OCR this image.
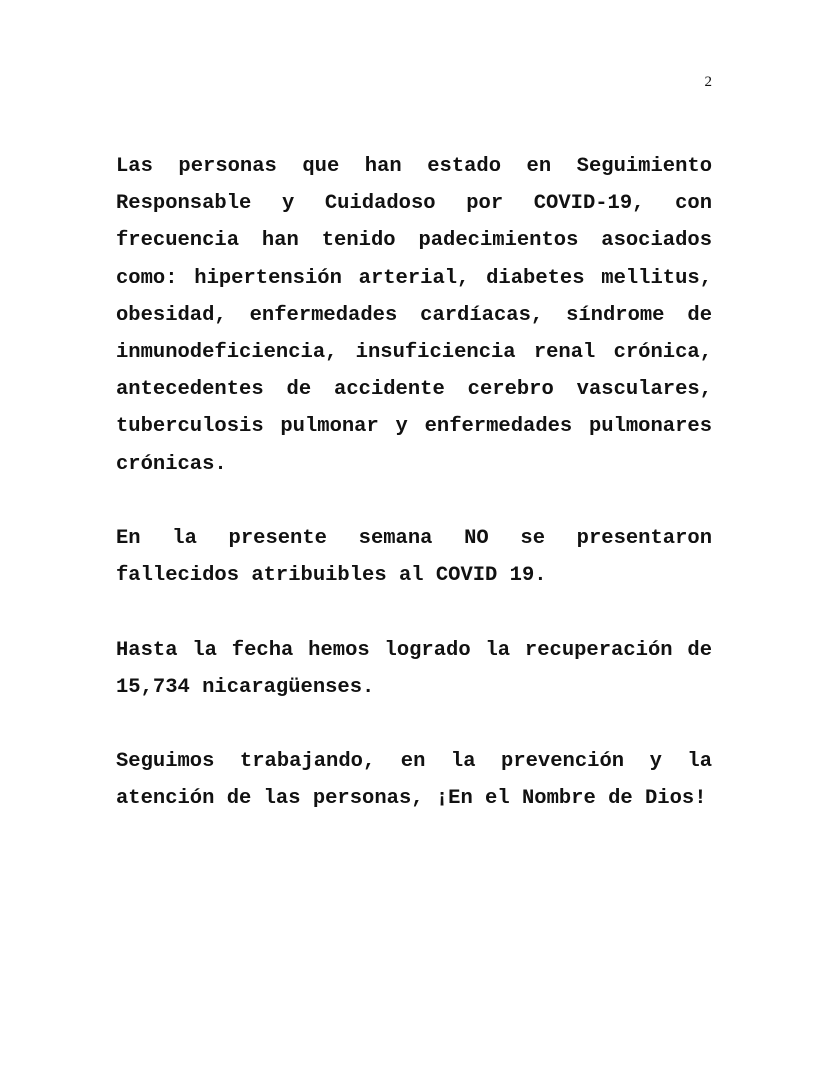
2

Las personas que han estado en Seguimiento Responsable y Cuidadoso por COVID-19, con frecuencia han tenido padecimientos asociados como: hipertensión arterial, diabetes mellitus, obesidad, enfermedades cardíacas, síndrome de inmunodeficiencia, insuficiencia renal crónica, antecedentes de accidente cerebro vasculares, tuberculosis pulmonar y enfermedades pulmonares crónicas.

En la presente semana NO se presentaron fallecidos atribuibles al COVID 19.

Hasta la fecha hemos logrado la recuperación de 15,734 nicaragüenses.

Seguimos trabajando, en la prevención y la atención de las personas, ¡En el Nombre de Dios!
